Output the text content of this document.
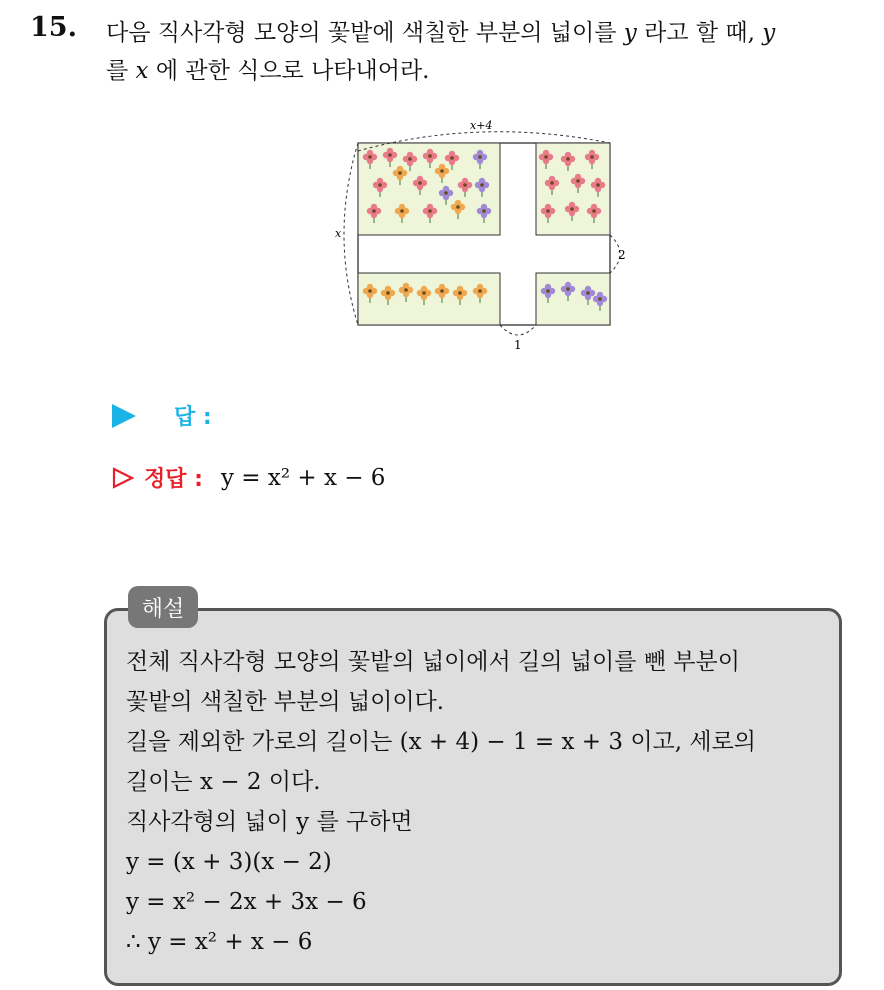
15. 다음 직사각형 모양의 꽃밭에 색칠한 부분의 넓이를 y 라고 할 때, y
를 x 에 관한 식으로 나타내어라.
x+4
x
2
1
답 :
정답 : y = x² + x − 6
해설
전체 직사각형 모양의 꽃밭의 넓이에서 길의 넓이를 뺀 부분이
꽃밭의 색칠한 부분의 넓이이다.
길을 제외한 가로의 길이는 (x + 4) − 1 = x + 3 이고, 세로의
길이는 x − 2 이다.
직사각형의 넓이 y 를 구하면
y = (x + 3)(x − 2)
y = x² − 2x + 3x − 6
∴ y = x² + x − 6
